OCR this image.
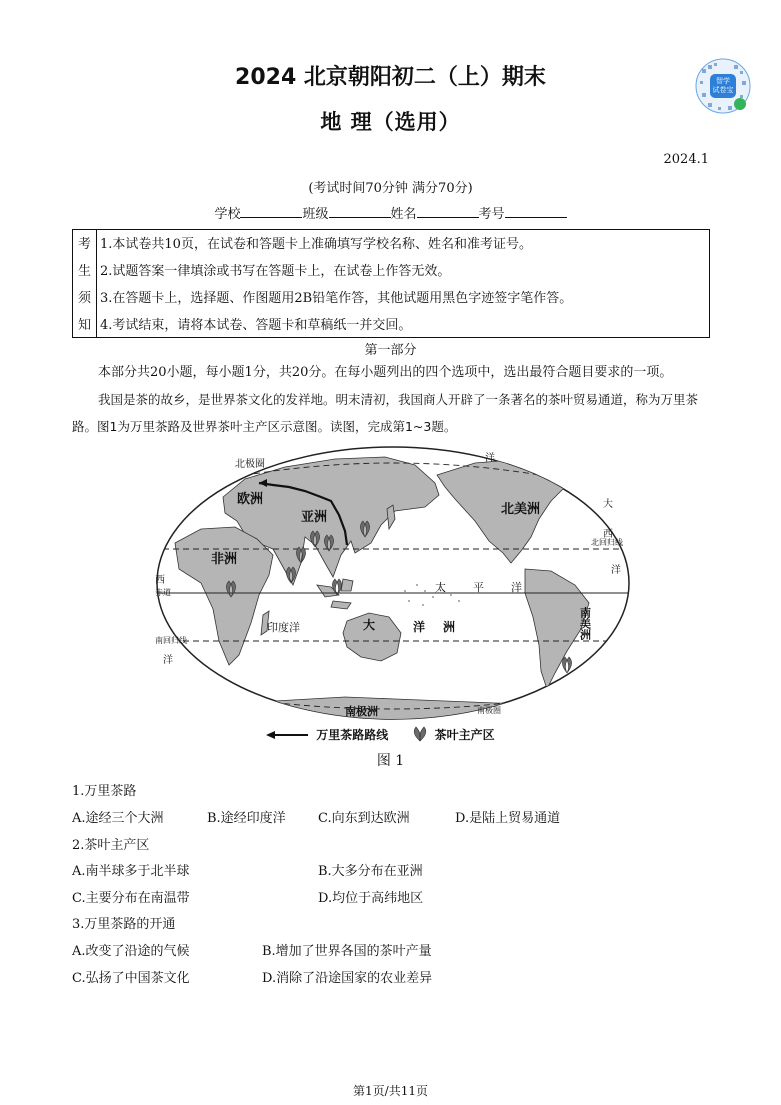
2024 北京朝阳初二（上）期末
地 理（选用）
智学
试卷宝
2024.1
(考试时间70分钟 满分70分)
学校	班级	姓名	考号
考
生
须
知
1.本试卷共10页，在试卷和答题卡上准确填写学校名称、姓名和准考证号。
2.试题答案一律填涂或书写在答题卡上，在试卷上作答无效。
3.在答题卡上，选择题、作图题用2B铅笔作答，其他试题用黑色字迹签字笔作答。
4.考试结束，请将本试卷、答题卡和草稿纸一并交回。
第一部分
本部分共20小题，每小题1分，共20分。在每小题列出的四个选项中，选出最符合题目要求的一项。
我国是茶的故乡，是世界茶文化的发祥地。明末清初，我国商人开辟了一条著名的茶叶贸易通道，称为万里茶路。图1为万里茶路及世界茶叶主产区示意图。读图，完成第1~3题。
北极圈
洋
大
西
洋
西
洋
北回归线
南回归线
赤道
南极圈
欧洲
亚洲
非洲
北美洲
南美洲
大
南极洲
印度洋
太 平 洋
洋 洲
万里茶路路线	茶叶主产区
图 1
1.万里茶路
A.途经三个大洲	B.途经印度洋 C.向东到达欧洲	D.是陆上贸易通道
2.茶叶主产区
A.南半球多于北半球	B.大多分布在亚洲
C.主要分布在南温带	D.均位于高纬地区
3.万里茶路的开通
A.改变了沿途的气候	B.增加了世界各国的茶叶产量
C.弘扬了中国茶文化	D.消除了沿途国家的农业差异
第1页/共11页
